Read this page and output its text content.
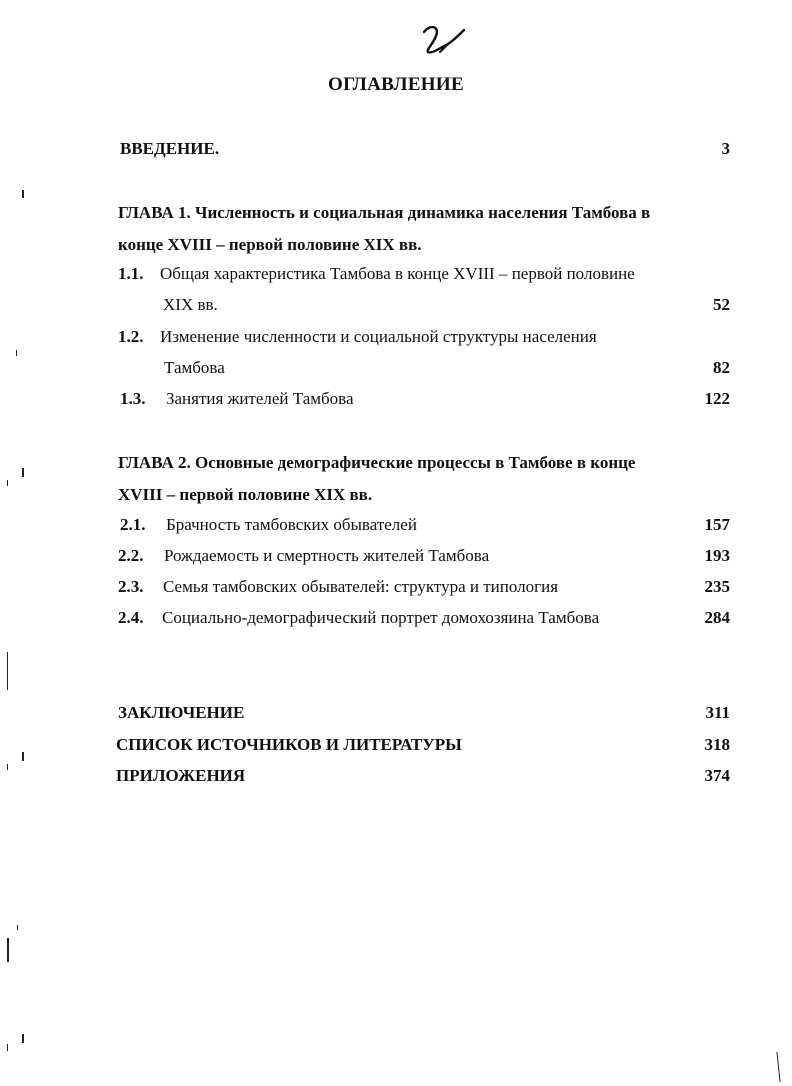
ОГЛАВЛЕНИЕ
ВВЕДЕНИЕ.	3
ГЛАВА 1. Численность и социальная динамика населения Тамбова в
конце XVIII – первой половине XIX вв.
1.1. Общая характеристика Тамбова в конце XVIII – первой половине
XIX вв.	52
1.2. Изменение численности и социальной структуры населения
Тамбова	82
1.3. Занятия жителей Тамбова	122
ГЛАВА 2. Основные демографические процессы в Тамбове в конце
XVIII – первой половине XIX вв.
2.1. Брачность тамбовских обывателей	157
2.2. Рождаемость и смертность жителей Тамбова	193
2.3. Семья тамбовских обывателей: структура и типология	235
2.4. Социально-демографический портрет домохозяина Тамбова	284
ЗАКЛЮЧЕНИЕ	311
СПИСОК ИСТОЧНИКОВ И ЛИТЕРАТУРЫ	318
ПРИЛОЖЕНИЯ	374
